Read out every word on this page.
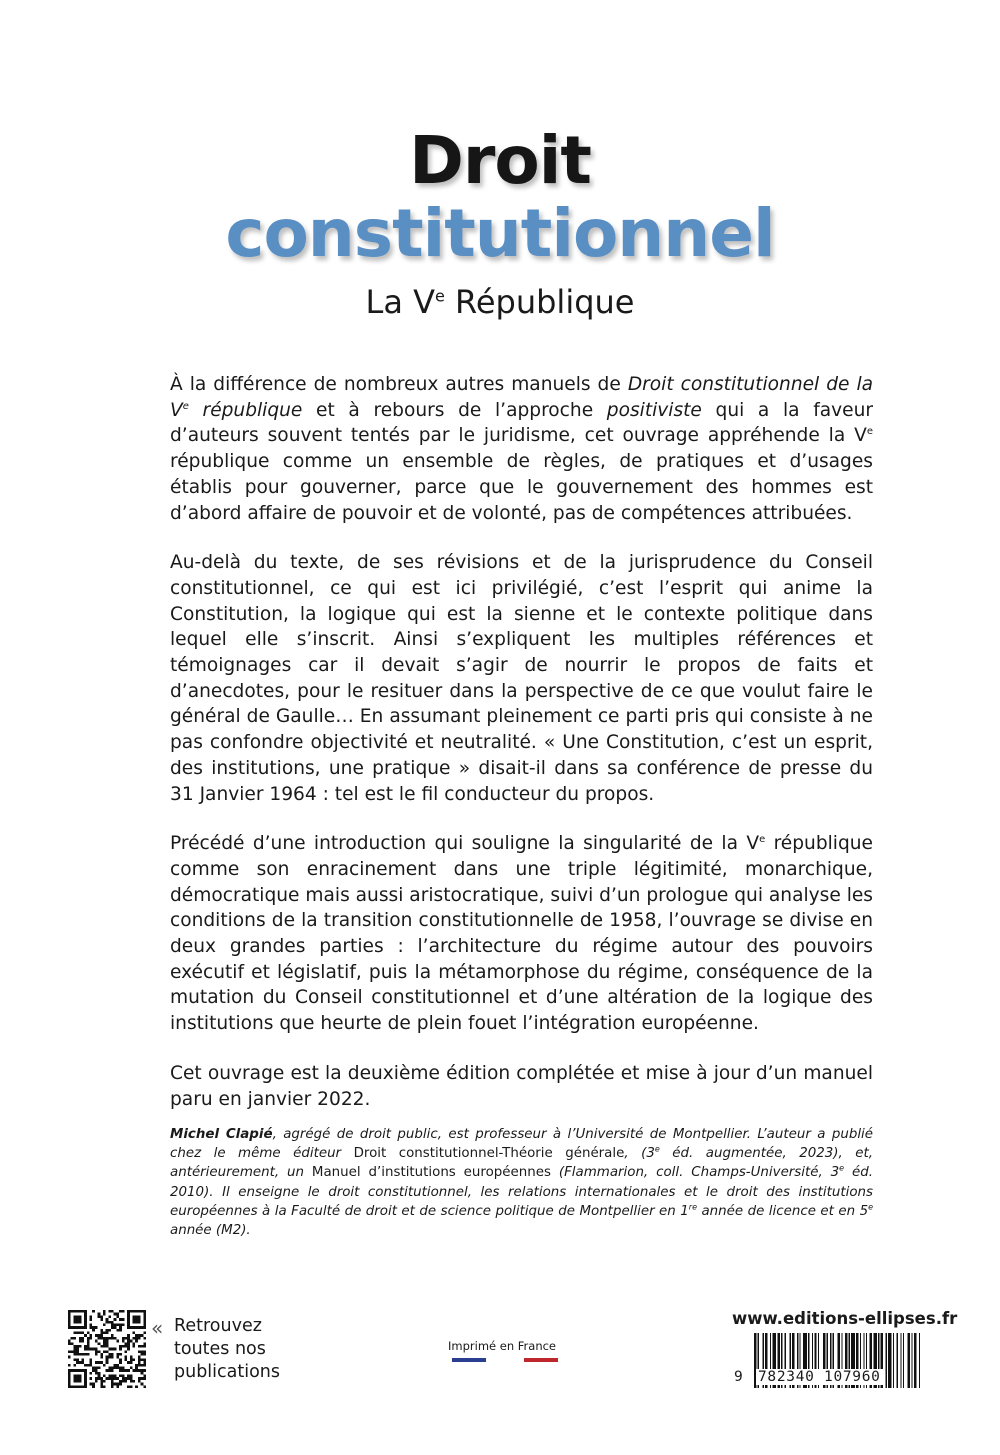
Droit
constitutionnel
La Ve République

À la différence de nombreux autres manuels de Droit constitutionnel de la Ve république et à rebours de l’approche positiviste qui a la faveur d’auteurs souvent tentés par le juridisme, cet ouvrage appréhende la Ve république comme un ensemble de règles, de pratiques et d’usages établis pour gouverner, parce que le gouvernement des hommes est d’abord affaire de pouvoir et de volonté, pas de compétences attribuées.

Au-delà du texte, de ses révisions et de la jurisprudence du Conseil constitutionnel, ce qui est ici privilégié, c’est l’esprit qui anime la Constitution, la logique qui est la sienne et le contexte politique dans lequel elle s’inscrit. Ainsi s’expliquent les multiples références et témoignages car il devait s’agir de nourrir le propos de faits et d’anecdotes, pour le resituer dans la perspective de ce que voulut faire le général de Gaulle… En assumant pleinement ce parti pris qui consiste à ne pas confondre objectivité et neutralité. « Une Constitution, c’est un esprit, des institutions, une pratique » disait-il dans sa conférence de presse du 31 Janvier 1964 : tel est le fil conducteur du propos.

Précédé d’une introduction qui souligne la singularité de la Ve république comme son enracinement dans une triple légitimité, monarchique, démocratique mais aussi aristocratique, suivi d’un prologue qui analyse les conditions de la transition constitutionnelle de 1958, l’ouvrage se divise en deux grandes parties : l’architecture du régime autour des pouvoirs exécutif et législatif, puis la métamorphose du régime, conséquence de la mutation du Conseil constitutionnel et d’une altération de la logique des institutions que heurte de plein fouet l’intégration européenne.

Cet ouvrage est la deuxième édition complétée et mise à jour d’un manuel paru en janvier 2022.

Michel Clapié, agrégé de droit public, est professeur à l’Université de Montpellier. L’auteur a publié chez le même éditeur Droit constitutionnel-Théorie générale, (3e éd. augmentée, 2023), et, antérieurement, un Manuel d’institutions européennes (Flammarion, coll. Champs-Université, 3e éd. 2010). Il enseigne le droit constitutionnel, les relations internationales et le droit des institutions européennes à la Faculté de droit et de science politique de Montpellier en 1re année de licence et en 5e année (M2).
« Retrouvez
toutes nos
publications
Imprimé en France
www.editions-ellipses.fr
9 782340 107960
